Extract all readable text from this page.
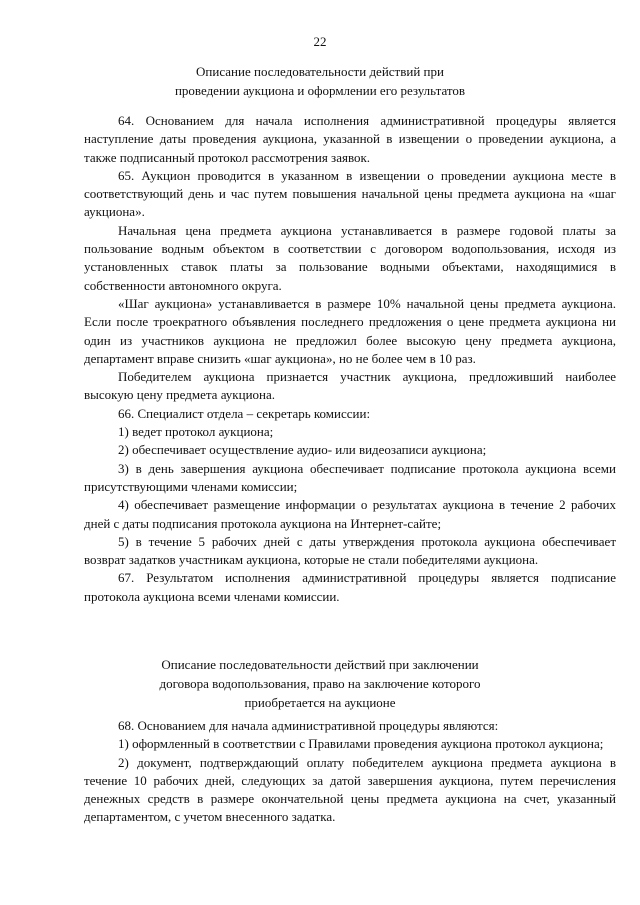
22
Описание последовательности действий при
проведении аукциона и оформлении его результатов

64. Основанием для начала исполнения административной процедуры является наступление даты проведения аукциона, указанной в извещении о проведении аукциона, а также подписанный протокол рассмотрения заявок.

65. Аукцион проводится в указанном в извещении о проведении аукциона месте в соответствующий день и час путем повышения начальной цены предмета аукциона на «шаг аукциона».

Начальная цена предмета аукциона устанавливается в размере годовой платы за пользование водным объектом в соответствии с договором водопользования, исходя из установленных ставок платы за пользование водными объектами, находящимися в собственности автономного округа.

«Шаг аукциона» устанавливается в размере 10% начальной цены предмета аукциона. Если после троекратного объявления последнего предложения о цене предмета аукциона ни один из участников аукциона не предложил более высокую цену предмета аукциона, департамент вправе снизить «шаг аукциона», но не более чем в 10 раз.

Победителем аукциона признается участник аукциона, предложивший наиболее высокую цену предмета аукциона.

66. Специалист отдела – секретарь комиссии:

1) ведет протокол аукциона;

2) обеспечивает осуществление аудио- или видеозаписи аукциона;

3) в день завершения аукциона обеспечивает подписание протокола аукциона всеми присутствующими членами комиссии;

4) обеспечивает размещение информации о результатах аукциона в течение 2 рабочих дней с даты подписания протокола аукциона на Интернет-сайте;

5) в течение 5 рабочих дней с даты утверждения протокола аукциона обеспечивает возврат задатков участникам аукциона, которые не стали победителями аукциона.

67. Результатом исполнения административной процедуры является подписание протокола аукциона всеми членами комиссии.

Описание последовательности действий при заключении
договора водопользования, право на заключение которого
приобретается на аукционе

68. Основанием для начала административной процедуры являются:

1) оформленный в соответствии с Правилами проведения аукциона протокол аукциона;

2) документ, подтверждающий оплату победителем аукциона предмета аукциона в течение 10 рабочих дней, следующих за датой завершения аукциона, путем перечисления денежных средств в размере окончательной цены предмета аукциона на счет, указанный департаментом, с учетом внесенного задатка.
